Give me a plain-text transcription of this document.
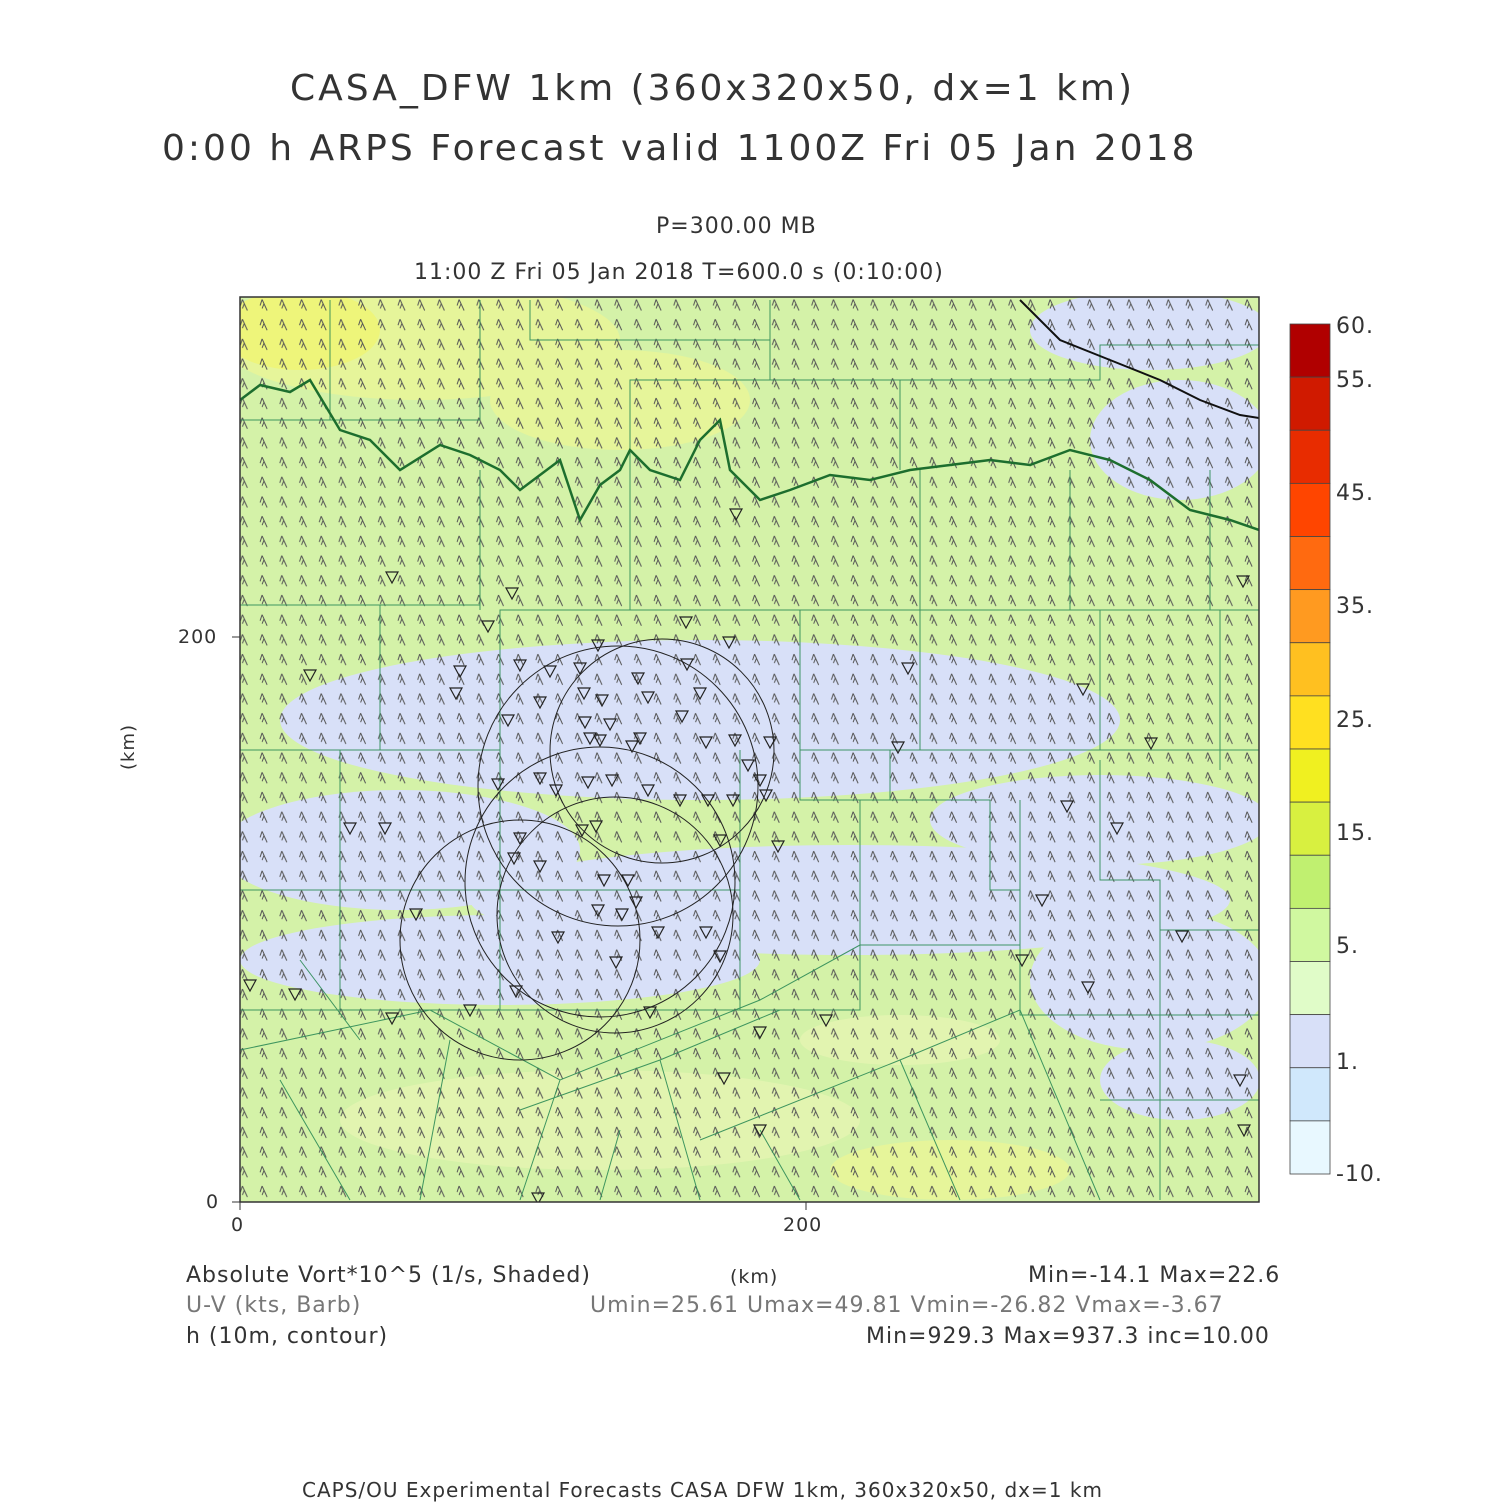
CASA_DFW 1km (360x320x50, dx=1 km)
0:00 h ARPS Forecast valid 1100Z Fri 05 Jan 2018
P=300.00 MB
11:00 Z Fri 05 Jan 2018 T=600.0 s (0:10:00)
(km)
200
0
0	200
60.
55.
45.
35.
25.
15.
5.
1.
-10.
Absolute Vort*10^5 (1/s, Shaded)	(km)	Min=-14.1 Max=22.6
U-V (kts, Barb)	Umin=25.61 Umax=49.81 Vmin=-26.82 Vmax=-3.67
h (10m, contour)	Min=929.3 Max=937.3 inc=10.00
CAPS/OU Experimental Forecasts CASA DFW 1km, 360x320x50, dx=1 km
